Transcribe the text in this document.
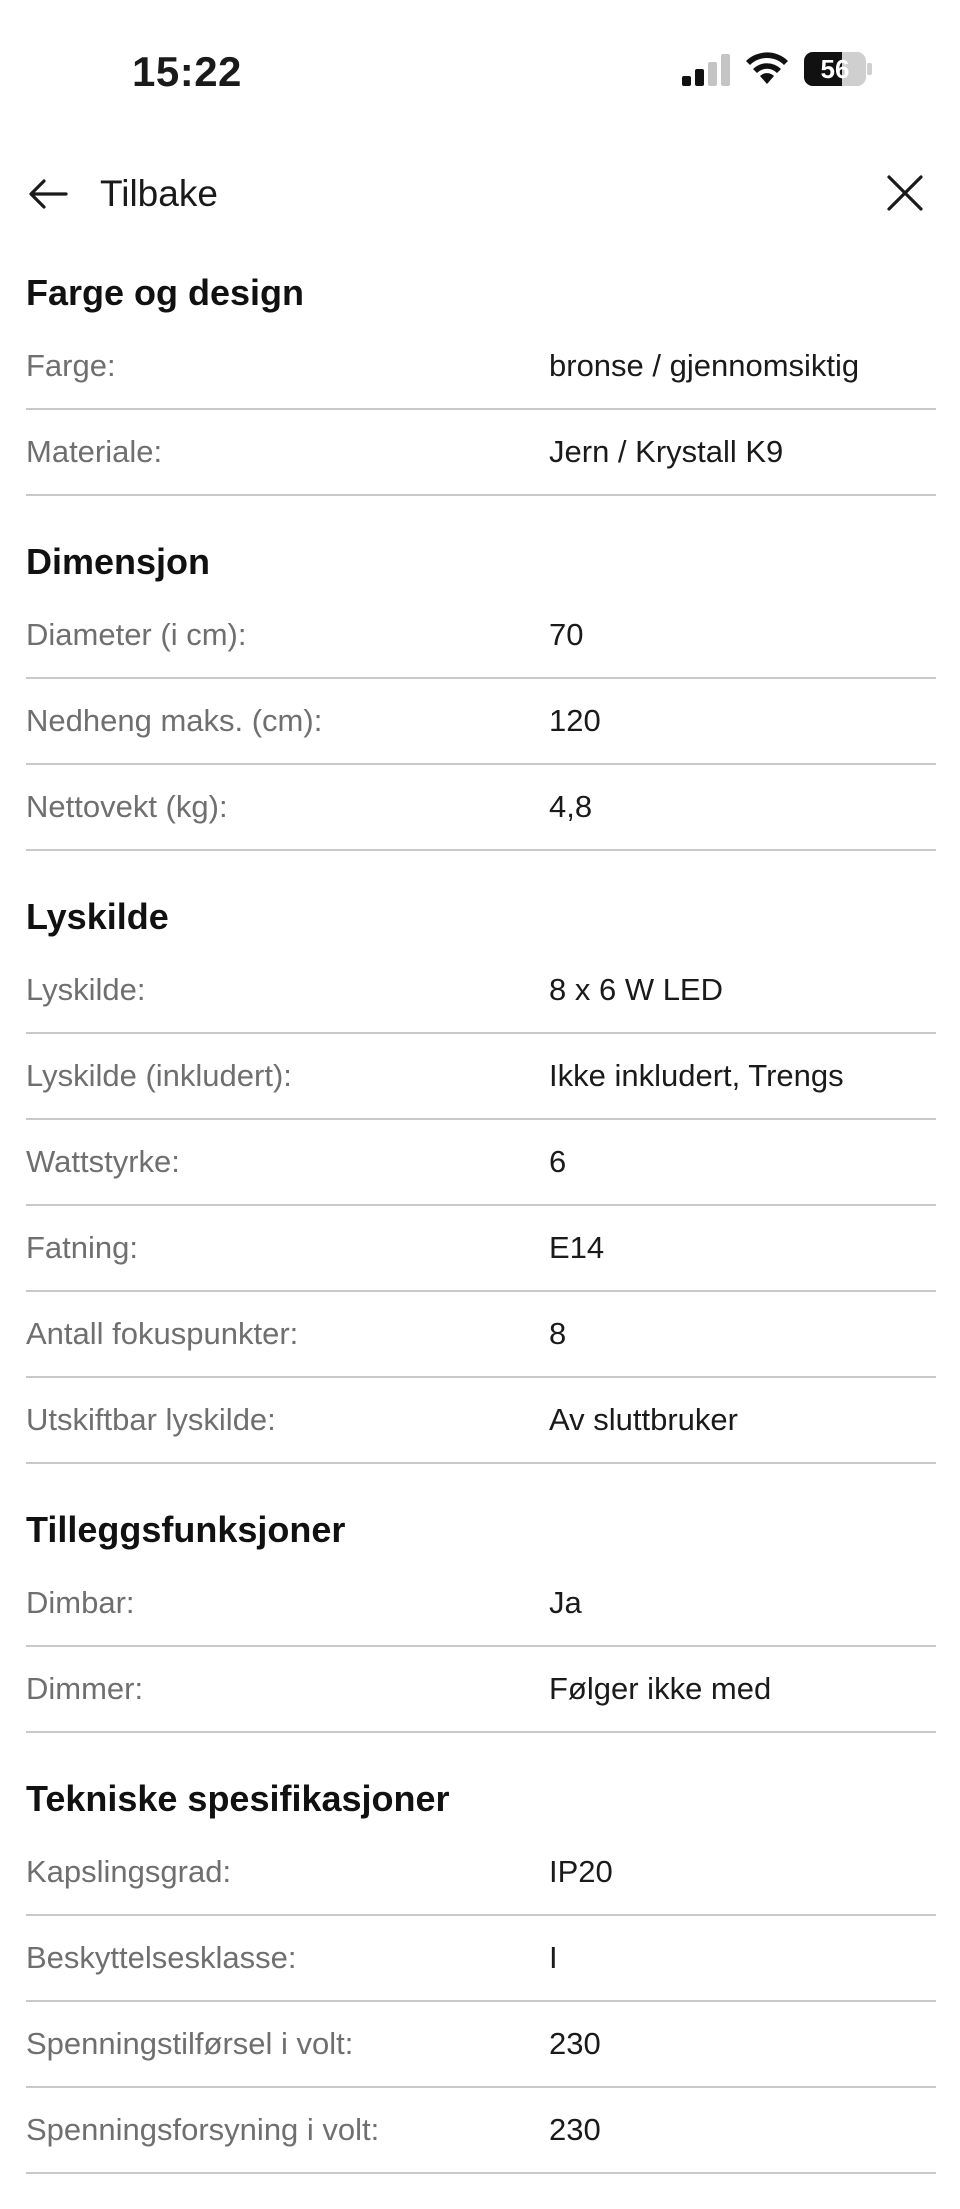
15:22	56
Tilbake
Farge og design
Farge:	bronse / gjennomsiktig
Materiale:	Jern / Krystall K9
Dimensjon
Diameter (i cm):	70
Nedheng maks. (cm):	120
Nettovekt (kg):	4,8
Lyskilde
Lyskilde:	8 x 6 W LED
Lyskilde (inkludert):	Ikke inkludert, Trengs
Wattstyrke:	6
Fatning:	E14
Antall fokuspunkter:	8
Utskiftbar lyskilde:	Av sluttbruker
Tilleggsfunksjoner
Dimbar:	Ja
Dimmer:	Følger ikke med
Tekniske spesifikasjoner
Kapslingsgrad:	IP20
Beskyttelsesklasse:	I
Spenningstilførsel i volt:	230
Spenningsforsyning i volt:	230
